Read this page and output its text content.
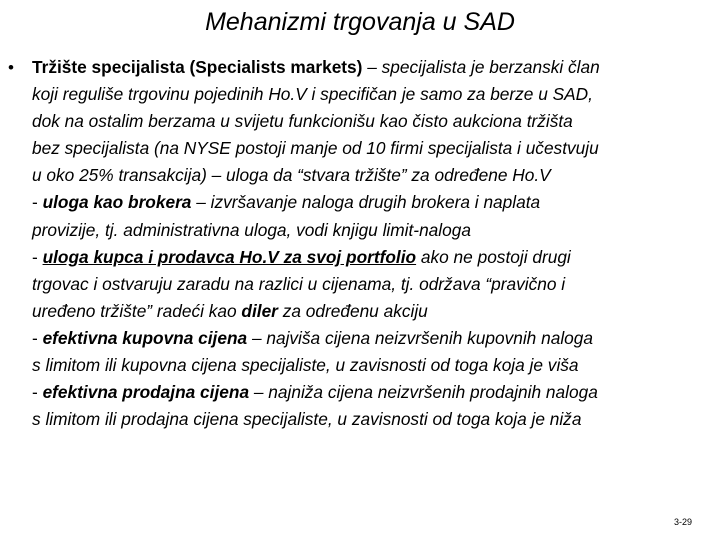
Mehanizmi trgovanja u SAD
• Tržište specijalista (Specialists markets) – specijalista je berzanski član
koji reguliše trgovinu pojedinih Ho.V i specifičan je samo za berze u SAD,
dok na ostalim berzama u svijetu funkcionišu kao čisto aukciona tržišta
bez specijalista (na NYSE postoji manje od 10 firmi specijalista i učestvuju
u oko 25% transakcija) – uloga da “stvara tržište” za određene Ho.V
- uloga kao brokera – izvršavanje naloga drugih brokera i naplata
provizije, tj. administrativna uloga, vodi knjigu limit-naloga
- uloga kupca i prodavca Ho.V za svoj portfolio ako ne postoji drugi
trgovac i ostvaruju zaradu na razlici u cijenama, tj. održava “pravično i
uređeno tržište” radeći kao diler za određenu akciju
- efektivna kupovna cijena – najviša cijena neizvršenih kupovnih naloga
s limitom ili kupovna cijena specijaliste, u zavisnosti od toga koja je viša
- efektivna prodajna cijena – najniža cijena neizvršenih prodajnih naloga
s limitom ili prodajna cijena specijaliste, u zavisnosti od toga koja je niža
3-29
